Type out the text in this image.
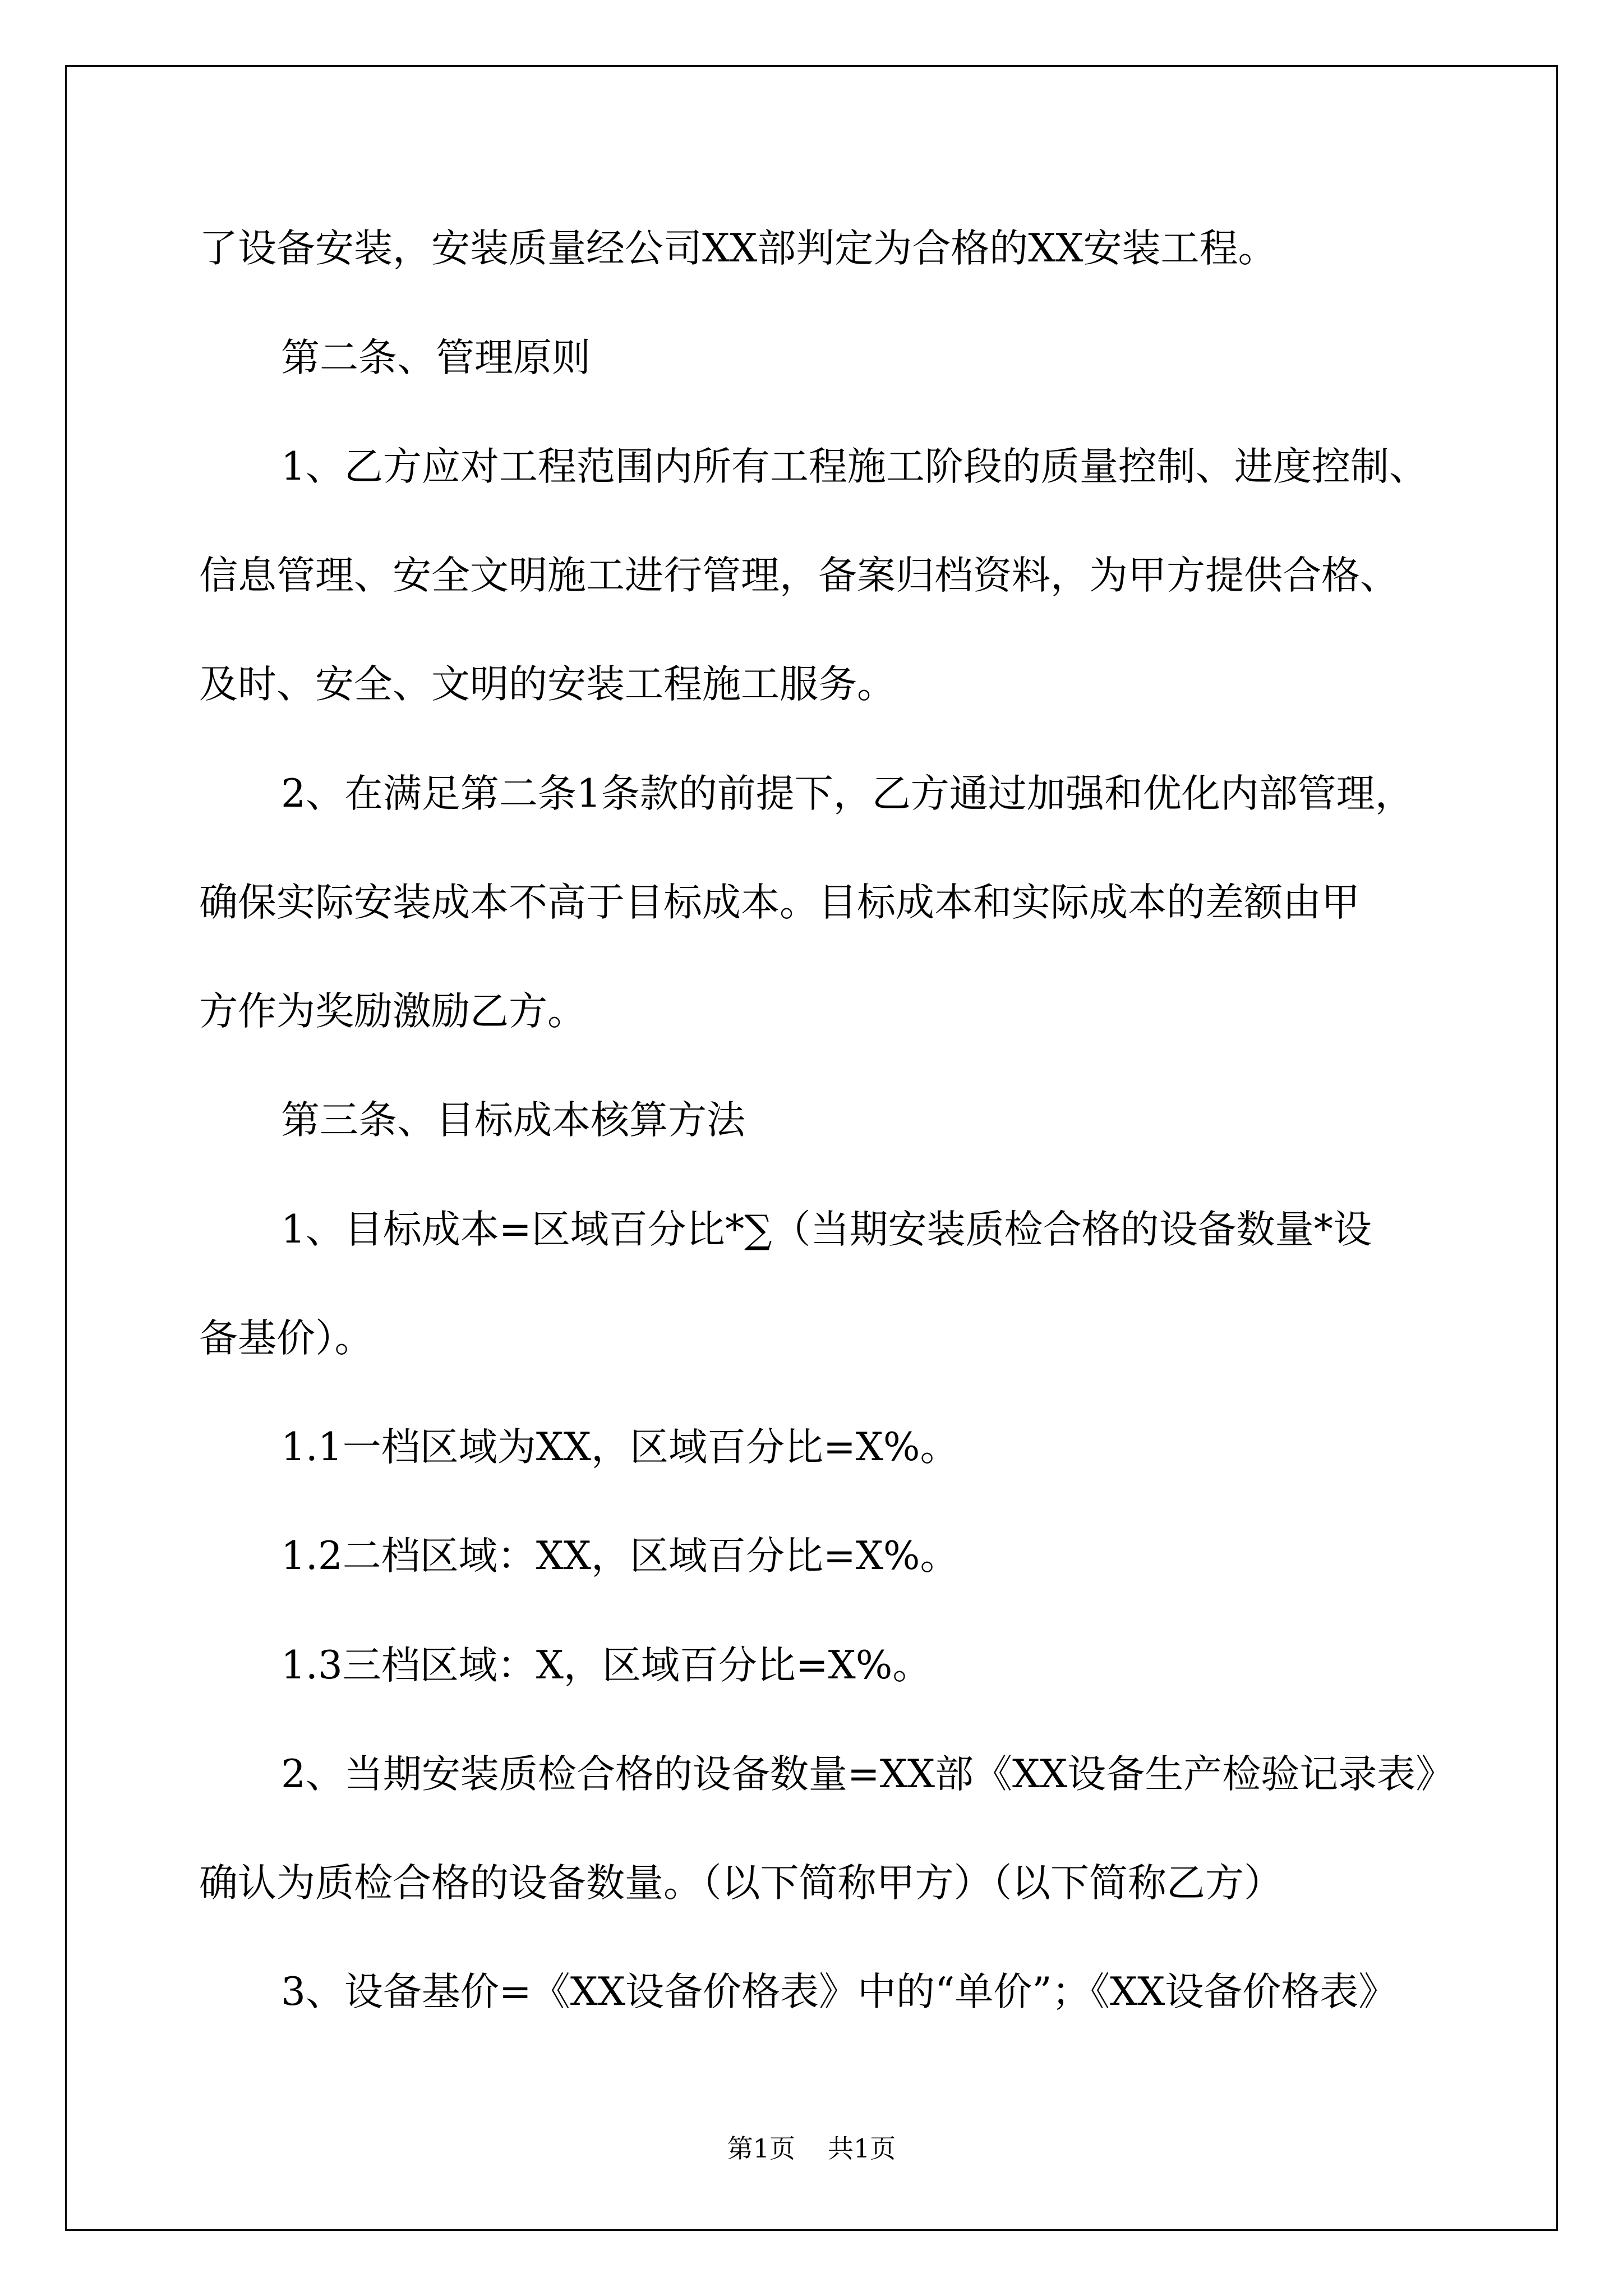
了设备安装，安装质量经公司XX部判定为合格的XX安装工程。
第二条、管理原则
1、乙方应对工程范围内所有工程施工阶段的质量控制、进度控制、
信息管理、安全文明施工进行管理，备案归档资料，为甲方提供合格、
及时、安全、文明的安装工程施工服务。
2、在满足第二条1条款的前提下，乙方通过加强和优化内部管理，
确保实际安装成本不高于目标成本。目标成本和实际成本的差额由甲
方作为奖励激励乙方。
第三条、目标成本核算方法
1、目标成本=区域百分比*∑（当期安装质检合格的设备数量*设
备基价）。
1.1一档区域为XX，区域百分比=X%。
1.2二档区域：XX，区域百分比=X%。
1.3三档区域：X，区域百分比=X%。
2、当期安装质检合格的设备数量=XX部《XX设备生产检验记录表》
确认为质检合格的设备数量。（以下简称甲方）（以下简称乙方）
3、设备基价=《XX设备价格表》中的“单价”；《XX设备价格表》
第1页 共1页
